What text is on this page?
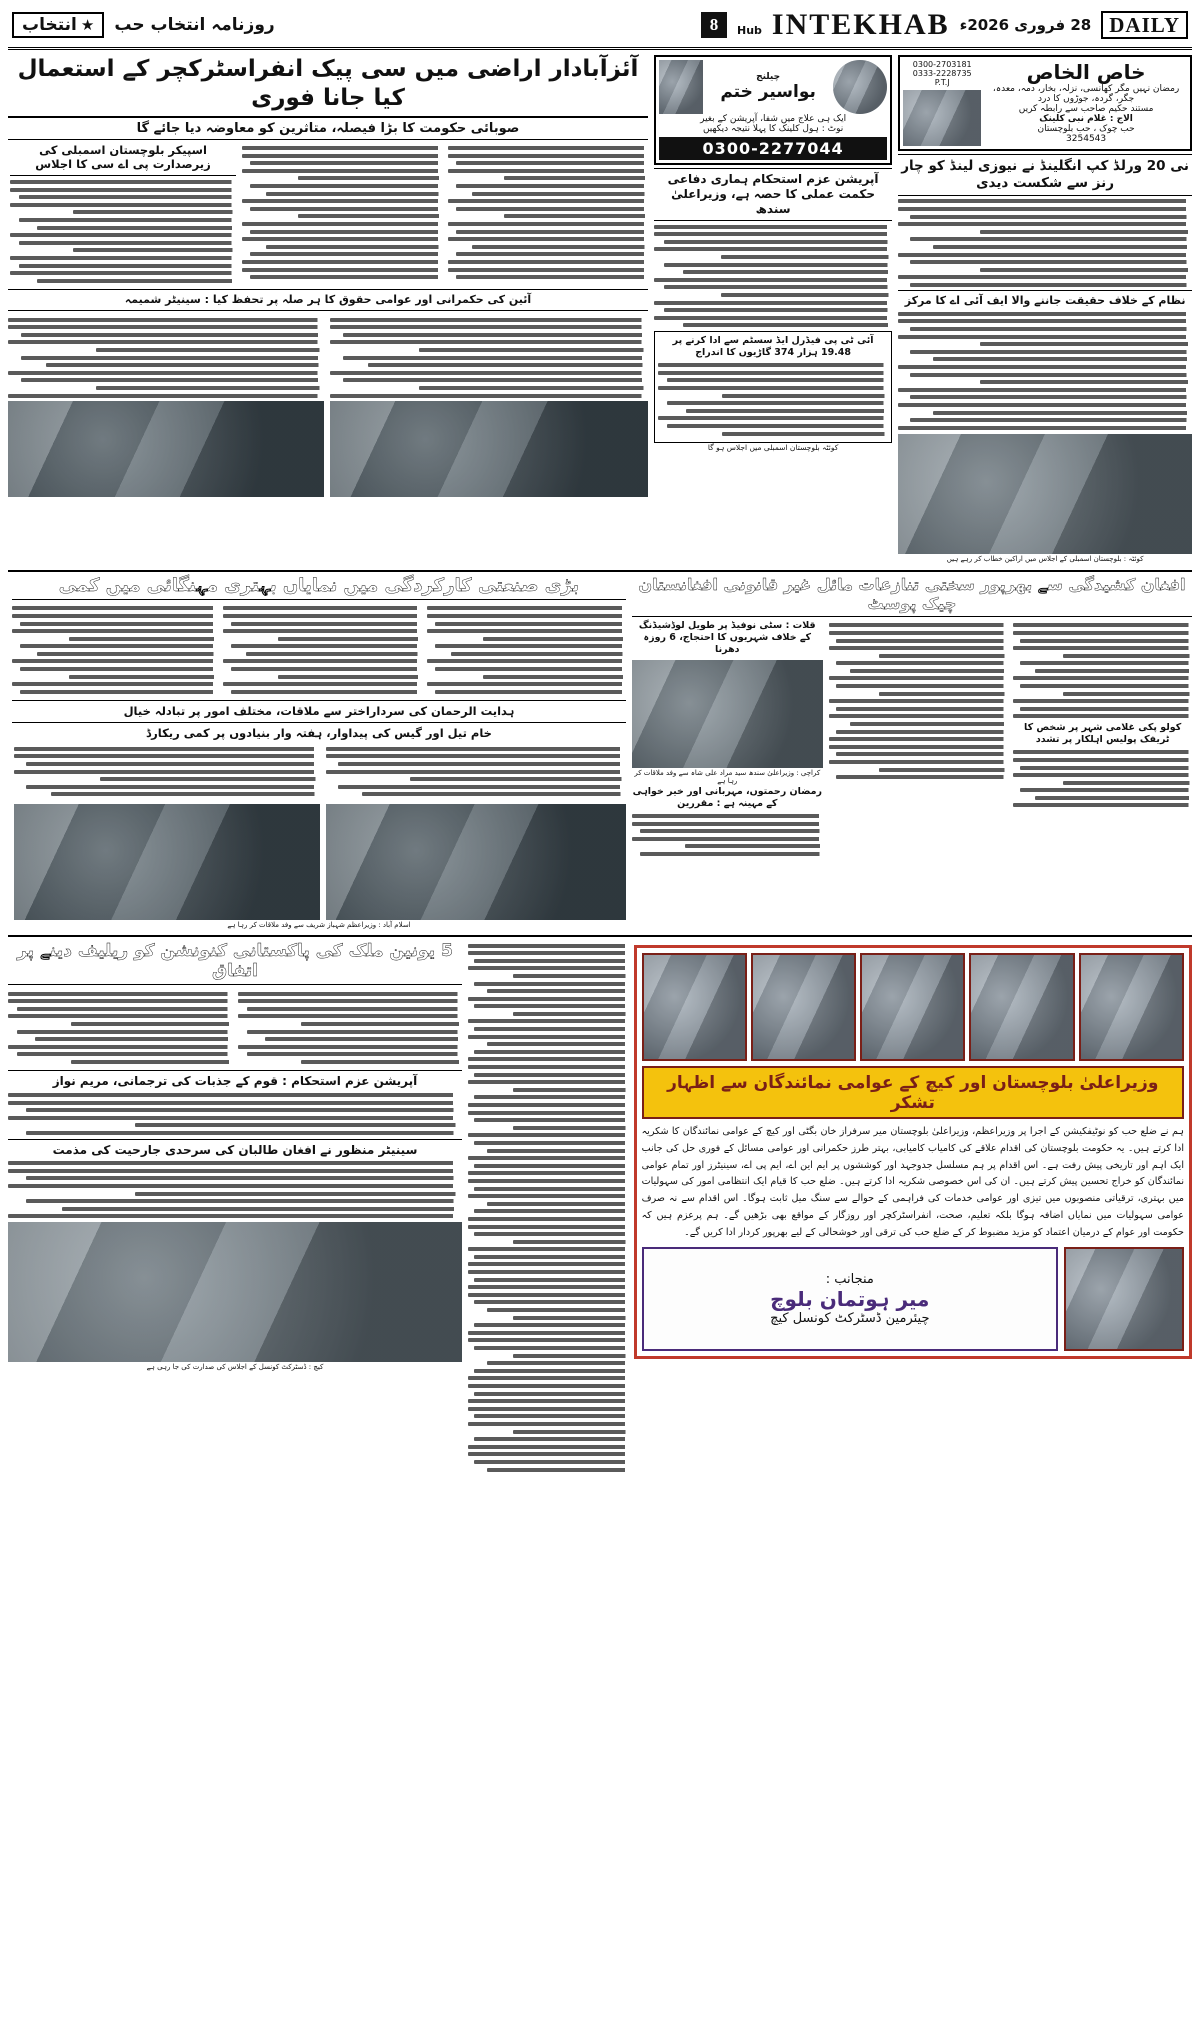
DAILY
28 فروری 2026ء
INTEKHAB
Hub
8
روزنامہ انتخاب حب
★
انتخاب
خاص الخاص
رمضان نہیں مگر کھانسی، نزلہ، بخار، دمہ، معدہ، جگر، گردہ، جوڑوں کا درد
مستند حکیم صاحب سے رابطہ کریں
الاج : غلام نبی کلینک
حب چوک ، حب بلوچستان
3254543
0300-2703181
0333-2228735
P.T.J
نی 20 ورلڈ کپ انگلینڈ نے نیوزی لینڈ کو چار رنز سے شکست دیدی
نظام کے خلاف حقیقت جاننے والا ایف آئی اے کا مرکز
کوئٹہ : بلوچستان اسمبلی کے اجلاس میں اراکین خطاب کر رہے ہیں
چیلنج
بواسیر ختم
ایک ہی علاج میں شفا، آپریشن کے بغیر
نوٹ : ہول کلینک کا پہلا نتیجہ دیکھیں
0300-2277044
آپریشن عزم استحکام ہماری دفاعی حکمت عملی کا حصہ ہے، وزیراعلیٰ سندھ
آئی ٹی پی فیڈرل ایڈ سسٹم سے ادا کرنے پر 19.48 ہزار 374 گاڑیوں کا اندراج
کوئٹہ بلوچستان اسمبلی میں اجلاس ہو گا
آئزآبادار اراضی میں سی پیک انفراسٹرکچر کے استعمال کیا جانا فوری
صوبائی حکومت کا بڑا فیصلہ، متاثرین کو معاوضہ دیا جائے گا
اسپیکر بلوچستان اسمبلی کی زیرصدارت پی اے سی کا اجلاس
آئین کی حکمرانی اور عوامی حقوق کا ہر صلہ پر تحفظ کیا : سینیٹر شمیمہ
افغان کشیدگی سے بھرپور سختی تنازعات مائل غیر قانونی افغانستان چیک پوسٹ
کولو پکی غلامی شہر پر شخص کا ٹریفک پولیس اہلکار پر تشدد
قلات : سٹی نوفیڈ پر طویل لوڈشیڈنگ کے خلاف شہریوں کا احتجاج، 6 روزہ دھرنا
کراچی : وزیراعلیٰ سندھ سید مراد علی شاہ سے وفد ملاقات کر رہا ہے
رمضان رحمتوں، مہربانی اور خیر خواہی کے مہینہ ہے : مقررین
بڑی صنعتی کارکردگی میں نمایاں بہتری مہنگائی میں کمی
ہدایت الرحمان کی سرداراختر سے ملاقات، مختلف امور پر تبادلہ خیال
خام تیل اور گیس کی پیداوار، ہفتہ وار بنیادوں پر کمی ریکارڈ
اسلام آباد : وزیراعظم شہباز شریف سے وفد ملاقات کر رہا ہے
وزیراعلیٰ بلوچستان اور کیچ کے عوامی نمائندگان سے اظہار تشکر
ہم نے ضلع حب کو نوٹیفکیشن کے اجرا پر وزیراعظم، وزیراعلیٰ بلوچستان میر سرفراز خان بگٹی اور کیچ کے عوامی نمائندگان کا شکریہ ادا کرتے ہیں۔ یہ حکومت بلوچستان کی اقدام علاقے کی کامیاب کامیابی، بہتر طرز حکمرانی اور عوامی مسائل کے فوری حل کی جانب ایک اہم اور تاریخی پیش رفت ہے۔ اس اقدام پر ہم مسلسل جدوجہد اور کوششوں پر ایم این اے، ایم پی اے، سینیٹرز اور تمام عوامی نمائندگان کو خراج تحسین پیش کرتے ہیں۔ ان کی اس خصوصی شکریہ ادا کرتے ہیں۔ ضلع حب کا قیام ایک انتظامی امور کی سہولیات میں بہتری، ترقیاتی منصوبوں میں تیزی اور عوامی خدمات کی فراہمی کے حوالے سے سنگ میل ثابت ہوگا۔ اس اقدام سے نہ صرف عوامی سہولیات میں نمایاں اضافہ ہوگا بلکہ تعلیم، صحت، انفراسٹرکچر اور روزگار کے مواقع بھی بڑھیں گے۔ ہم پرعزم ہیں کہ حکومت اور عوام کے درمیان اعتماد کو مزید مضبوط کر کے ضلع حب کی ترقی اور خوشحالی کے لیے بھرپور کردار ادا کریں گے۔
منجانب :
میر ہوتمان بلوچ
چیئرمین ڈسٹرکٹ کونسل کیچ
5 یونین ملک کی پاکستانی کنونشن کو ریلیف دینے پر اتفاق
آپریشن عزم استحکام : قوم کے جذبات کی ترجمانی، مریم نواز
سینیٹر منظور نے افغان طالبان کی سرحدی جارحیت کی مذمت
کیچ : ڈسٹرکٹ کونسل کے اجلاس کی صدارت کی جا رہی ہے
